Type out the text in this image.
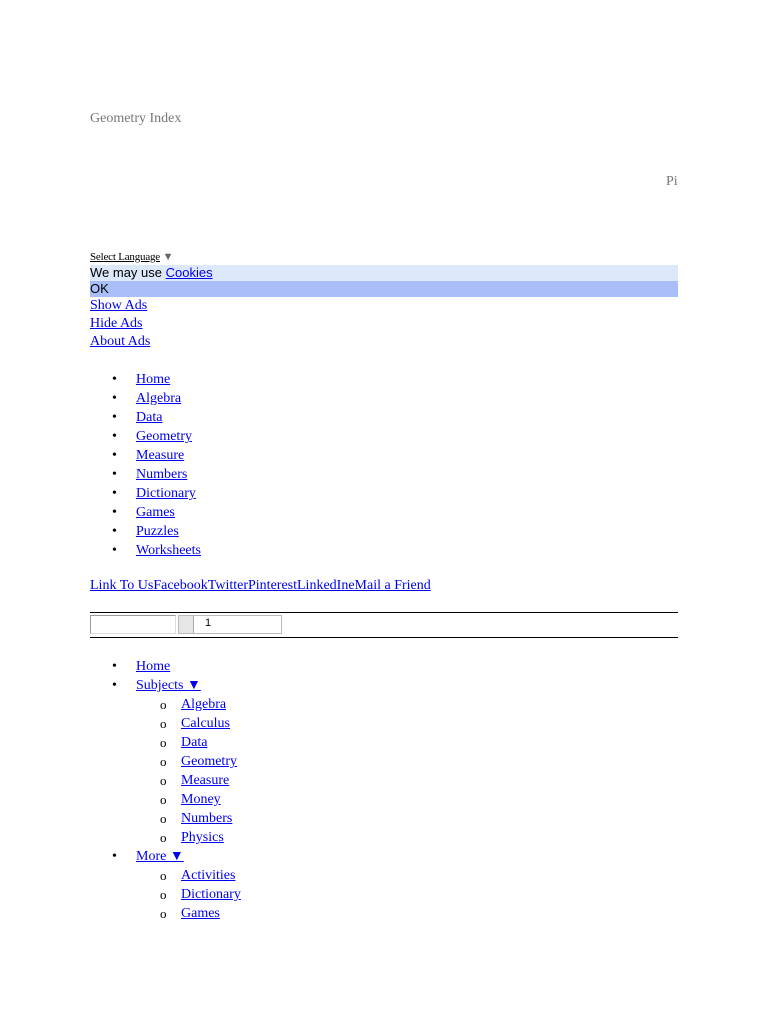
Geometry Index
Pi
Select Language ▼
We may use Cookies
OK
Show Ads
Hide Ads
About Ads
• Home
• Algebra
• Data
• Geometry
• Measure
• Numbers
• Dictionary
• Games
• Puzzles
• Worksheets
Link To UsFacebookTwitterPinterestLinkedIneMail a Friend
1
• Home
• Subjects ▼
o Algebra
o Calculus
o Data
o Geometry
o Measure
o Money
o Numbers
o Physics
• More ▼
o Activities
o Dictionary
o Games
